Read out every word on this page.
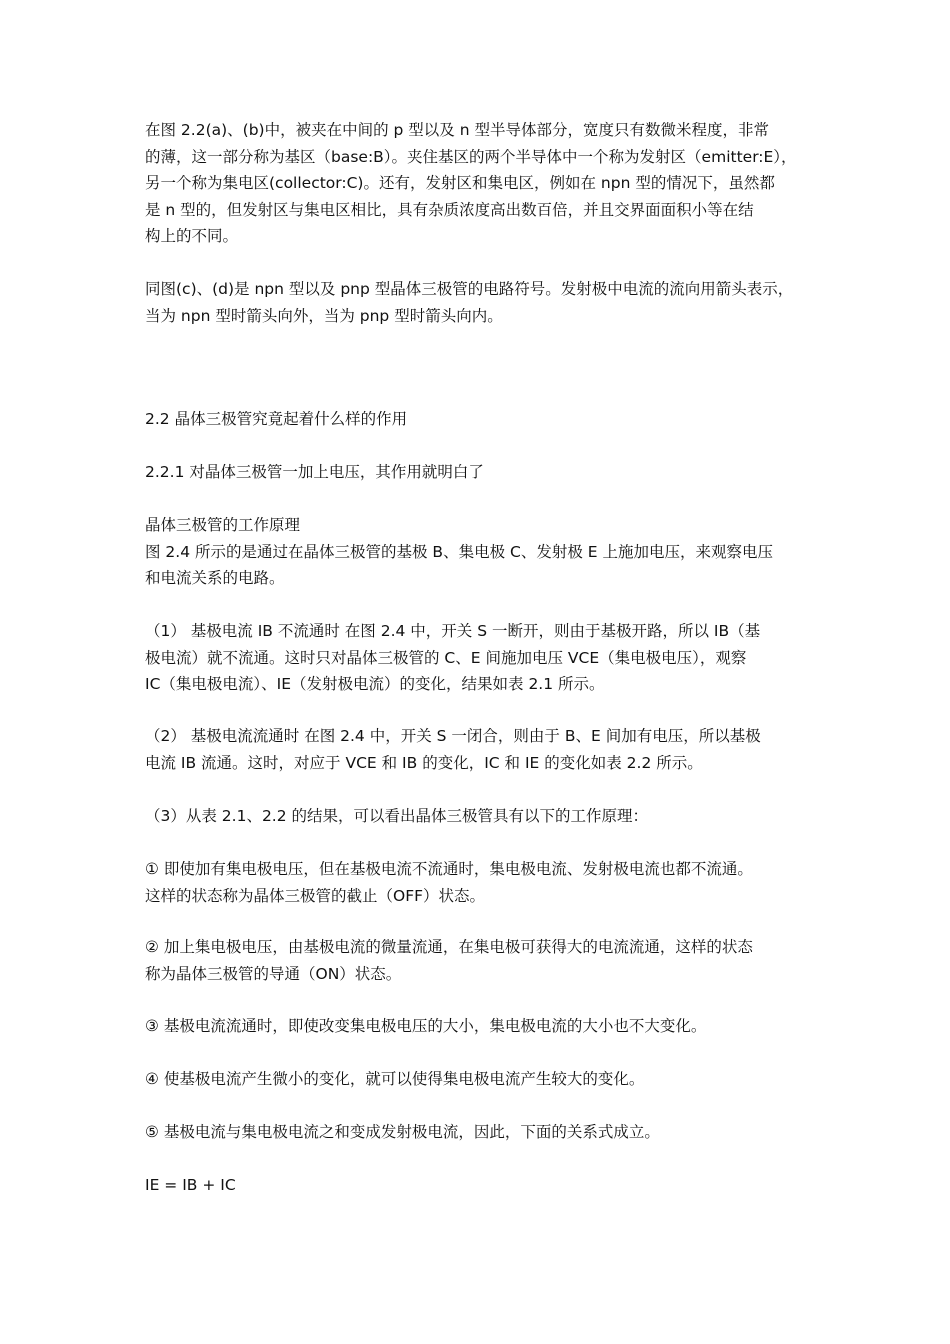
在图 2.2(a)、(b)中，被夹在中间的 p 型以及 n 型半导体部分，宽度只有数微米程度，非常
的薄，这一部分称为基区（base:B）。夹住基区的两个半导体中一个称为发射区（emitter:E），
另一个称为集电区(collector:C)。还有，发射区和集电区，例如在 npn 型的情况下，虽然都
是 n 型的，但发射区与集电区相比，具有杂质浓度高出数百倍，并且交界面面积小等在结
构上的不同。

同图(c)、(d)是 npn 型以及 pnp 型晶体三极管的电路符号。发射极中电流的流向用箭头表示，
当为 npn 型时箭头向外，当为 pnp 型时箭头向内。

2.2 晶体三极管究竟起着什么样的作用

2.2.1 对晶体三极管一加上电压，其作用就明白了

晶体三极管的工作原理
图 2.4 所示的是通过在晶体三极管的基极 B、集电极 C、发射极 E 上施加电压，来观察电压
和电流关系的电路。

（1） 基极电流 IB 不流通时 在图 2.4 中，开关 S 一断开，则由于基极开路，所以 IB（基
极电流）就不流通。这时只对晶体三极管的 C、E 间施加电压 VCE（集电极电压），观察
IC（集电极电流）、IE（发射极电流）的变化，结果如表 2.1 所示。

（2） 基极电流流通时 在图 2.4 中，开关 S 一闭合，则由于 B、E 间加有电压，所以基极
电流 IB 流通。这时，对应于 VCE 和 IB 的变化，IC 和 IE 的变化如表 2.2 所示。

（3）从表 2.1、2.2 的结果，可以看出晶体三极管具有以下的工作原理：

① 即使加有集电极电压，但在基极电流不流通时，集电极电流、发射极电流也都不流通。
这样的状态称为晶体三极管的截止（OFF）状态。

② 加上集电极电压，由基极电流的微量流通，在集电极可获得大的电流流通，这样的状态
称为晶体三极管的导通（ON）状态。

③ 基极电流流通时，即使改变集电极电压的大小，集电极电流的大小也不大变化。

④ 使基极电流产生微小的变化，就可以使得集电极电流产生较大的变化。

⑤ 基极电流与集电极电流之和变成发射极电流，因此，下面的关系式成立。

IE = IB + IC
